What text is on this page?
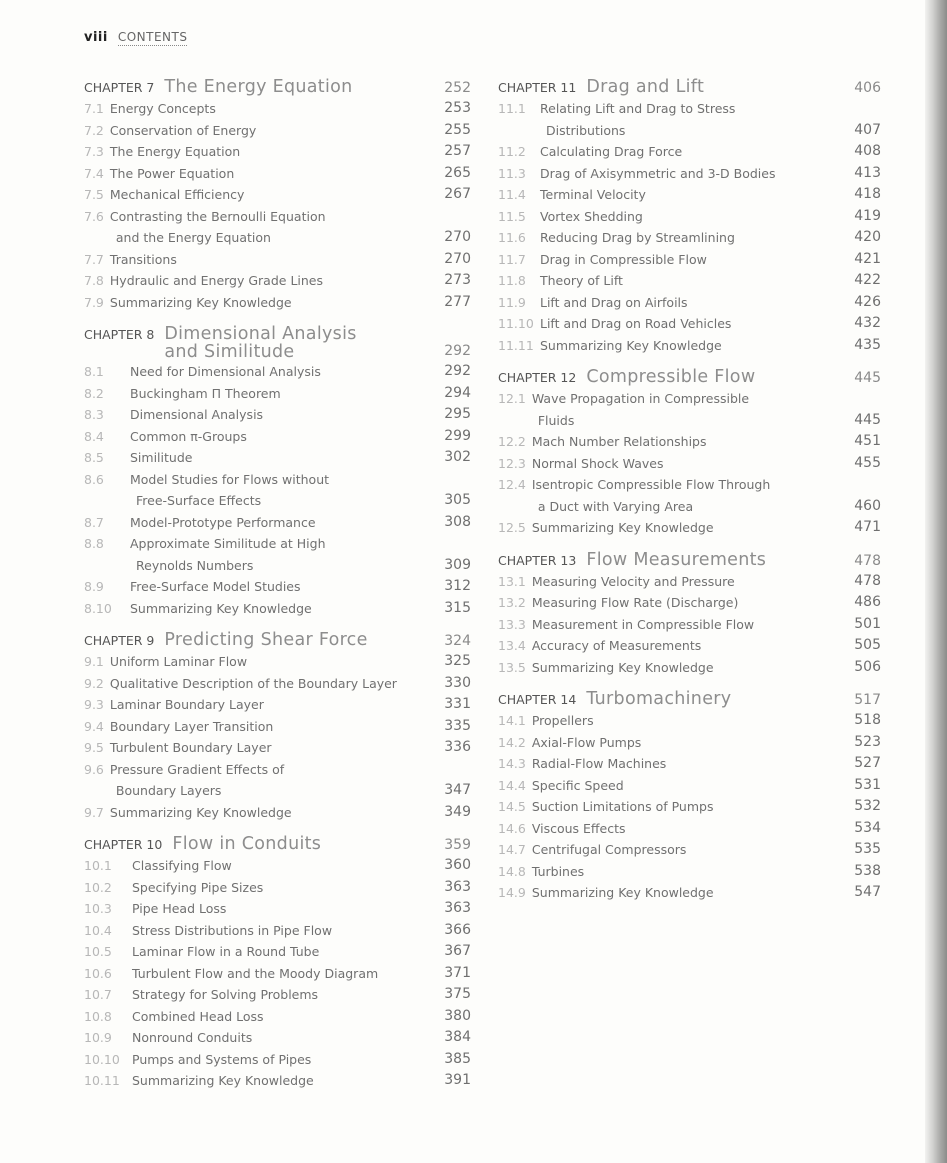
viii CONTENTS
CHAPTER 7 The Energy Equation	252
7.1 Energy Concepts	253
7.2 Conservation of Energy	255
7.3 The Energy Equation	257
7.4 The Power Equation	265
7.5 Mechanical Efficiency	267
7.6 Contrasting the Bernoulli Equation
and the Energy Equation	270
7.7 Transitions	270
7.8 Hydraulic and Energy Grade Lines	273
7.9 Summarizing Key Knowledge	277
CHAPTER 8 Dimensional Analysis and Similitude	292
8.1	Need for Dimensional Analysis	292
8.2	Buckingham Π Theorem	294
8.3	Dimensional Analysis	295
8.4	Common π-Groups	299
8.5	Similitude	302
8.6	Model Studies for Flows without
Free-Surface Effects	305
8.7	Model-Prototype Performance	308
8.8	Approximate Similitude at High
Reynolds Numbers	309
8.9	Free-Surface Model Studies	312
8.10	Summarizing Key Knowledge	315
CHAPTER 9 Predicting Shear Force	324
9.1 Uniform Laminar Flow	325
9.2 Qualitative Description of the Boundary Layer	330
9.3 Laminar Boundary Layer	331
9.4 Boundary Layer Transition	335
9.5 Turbulent Boundary Layer	336
9.6 Pressure Gradient Effects of
Boundary Layers	347
9.7 Summarizing Key Knowledge	349
CHAPTER 10 Flow in Conduits	359
10.1	Classifying Flow	360
10.2	Specifying Pipe Sizes	363
10.3	Pipe Head Loss	363
10.4	Stress Distributions in Pipe Flow	366
10.5	Laminar Flow in a Round Tube	367
10.6	Turbulent Flow and the Moody Diagram	371
10.7	Strategy for Solving Problems	375
10.8	Combined Head Loss	380
10.9	Nonround Conduits	384
10.10 Pumps and Systems of Pipes	385
10.11 Summarizing Key Knowledge	391
CHAPTER 11 Drag and Lift	406
11.1	Relating Lift and Drag to Stress
Distributions	407
11.2	Calculating Drag Force	408
11.3	Drag of Axisymmetric and 3-D Bodies	413
11.4	Terminal Velocity	418
11.5	Vortex Shedding	419
11.6	Reducing Drag by Streamlining	420
11.7	Drag in Compressible Flow	421
11.8	Theory of Lift	422
11.9	Lift and Drag on Airfoils	426
11.10 Lift and Drag on Road Vehicles	432
11.11 Summarizing Key Knowledge	435
CHAPTER 12 Compressible Flow	445
12.1 Wave Propagation in Compressible
Fluids	445
12.2 Mach Number Relationships	451
12.3 Normal Shock Waves	455
12.4 Isentropic Compressible Flow Through
a Duct with Varying Area	460
12.5 Summarizing Key Knowledge	471
CHAPTER 13 Flow Measurements	478
13.1 Measuring Velocity and Pressure	478
13.2 Measuring Flow Rate (Discharge)	486
13.3 Measurement in Compressible Flow	501
13.4 Accuracy of Measurements	505
13.5 Summarizing Key Knowledge	506
CHAPTER 14 Turbomachinery	517
14.1 Propellers	518
14.2 Axial-Flow Pumps	523
14.3 Radial-Flow Machines	527
14.4 Specific Speed	531
14.5 Suction Limitations of Pumps	532
14.6 Viscous Effects	534
14.7 Centrifugal Compressors	535
14.8 Turbines	538
14.9 Summarizing Key Knowledge	547
